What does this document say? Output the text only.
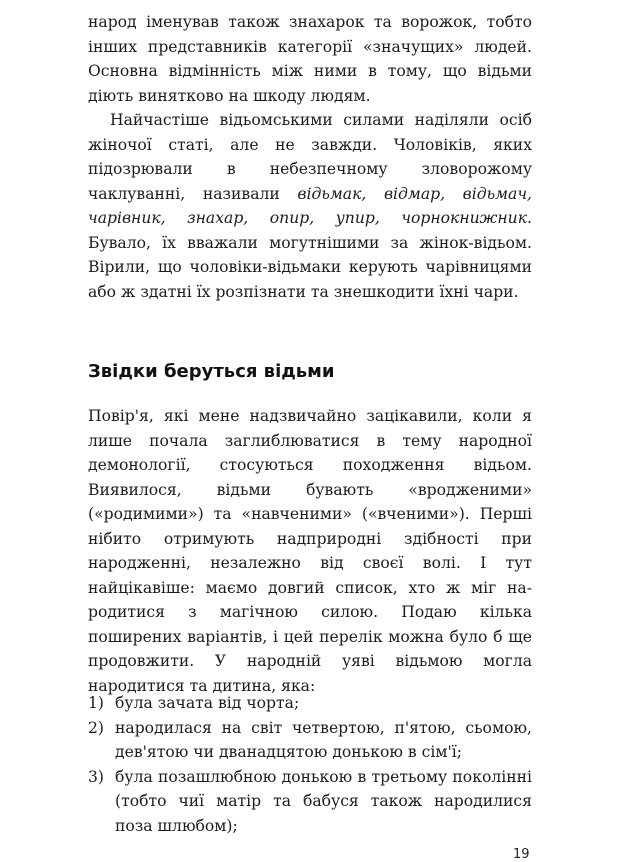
народ іменував також знахарок та ворожок, тобто інших представників категорії «значущих» людей. Основна відмінність між ними в тому, що відьми діють винятково на шкоду людям.

Найчастіше відьомськими силами наділяли осіб жіночої статі, але не завжди. Чоловіків, яких підозрювали в небезпечному зловорожому чаклуванні, називали відьмак, відмар, відьмач, чарівник, знахар, опир, упир, чорнокнижник. Бувало, їх вважали могутнішими за жінок-відьом. Вірили, що чоловіки-відьмаки керують чарівницями або ж здатні їх розпізнати та знешкодити їхні чари.

Звідки беруться відьми

Повір'я, які мене надзвичайно зацікавили, коли я лише почала заглиблюватися в тему народної демонології, стосуються походження відьом. Виявилося, відьми бувають «вродженими» («родимими») та «навченими» («вченими»). Перші нібито отримують надприродні здібності при народженні, незалежно від своєї волі. І тут найцікавіше: маємо довгий список, хто ж міг народитися з магічною силою. Подаю кілька поширених варіантів, і цей перелік можна було б ще продовжити. У народній уяві відьмою могла народитися та дитина, яка:

1) була зачата від чорта;
2) народилася на світ четвертою, п'ятою, сьомою, дев'ятою чи дванадцятою донькою в сім'ї;
3) була позашлюбною донькою в третьому поколінні (тобто чиї матір та бабуся також народилися поза шлюбом);
19
